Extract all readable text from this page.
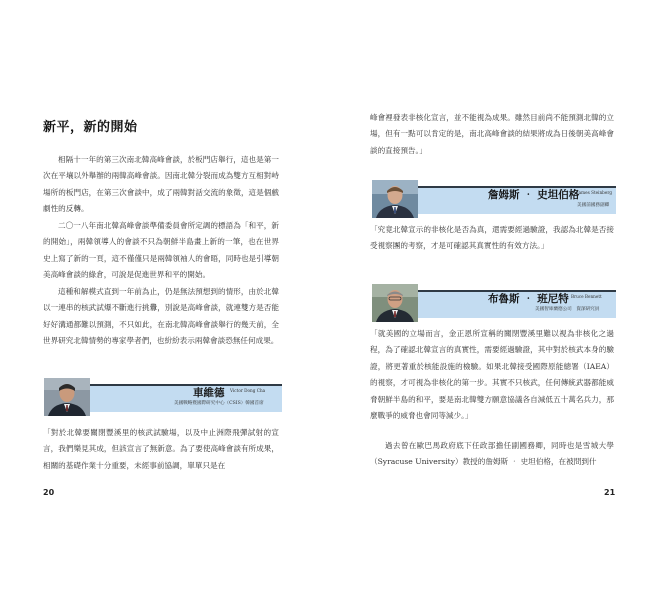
新平，新的開始

相隔十一年的第三次南北韓高峰會談，於板門店舉行，這也是第一次在平壤以外舉辦的兩韓高峰會談。因南北韓分裂而成為雙方互相對峙場所的板門店，在第三次會談中，成了兩韓對話交流的象徵，這是個戲劇性的反轉。

二〇一八年南北韓高峰會談準備委員會所定調的標語為「和平，新的開始」，兩韓領導人的會談不只為朝鮮半島畫上新的一筆，也在世界史上寫了新的一頁，這不僅僅只是兩韓領袖人的會晤，同時也是引導朝美高峰會談的綠倉，可說是促進世界和平的開始。

這種和解模式直到一年前為止，仍是無法預想到的情形，由於北韓以一連串的核武試爆不斷進行挑釁，別說是高峰會談，就連雙方是否能好好溝通都難以預測，不只如此，在南北韓高峰會談舉行的幾天前，全世界研究北韓情勢的專家學者們，也紛紛表示兩韓會談恐無任何成果。

車維德 Victor Dong Cha
美國戰略暨國際研究中心（CSIS）韓國首席

「對於北韓要關閉豐溪里的核武試驗場，以及中止洲際飛彈試射的宣言，我們樂見其成，但該宣言了無新意。為了要使高峰會談有所成果，相關的基礎作業十分重要，未經事前協調，單單只是在

20

峰會裡發表非核化宣言，並不能視為成果。雖然目前尚不能預測北韓的立場，但有一點可以肯定的是，南北高峰會談的結果將成為日後朝美高峰會談的直接預告。」

詹姆斯 ‧ 史坦伯格
James Steinberg
美國前國務副卿

「究竟北韓宣示的非核化是否為真，還需要經過驗證，我認為北韓是否接受視察團的考察，才是可確認其真實性的有效方法。」

布魯斯 ‧ 班尼特 Bruce Bennett
美國智庫蘭德公司　資深研究員

「就美國的立場而言，金正恩所宣稱的關閉豐溪里難以視為非核化之過程，為了確認北韓宣言的真實性，需要經過驗證，其中對於核武本身的驗證，將更著重於核能設施的檢驗。如果北韓接受國際原能總署（IAEA）的視察，才可視為非核化的第一步。其實不只核武，任何傳統武器都能威脅朝鮮半島的和平，要是南北韓雙方願意協議各自減低五十萬名兵力，那麼戰爭的威脅也會同等減少。」

過去曾在歐巴馬政府底下任政部擔任副國務卿，同時也是雪城大學（Syracuse University）教授的詹姆斯 ‧ 史坦伯格，在被問到什

21
